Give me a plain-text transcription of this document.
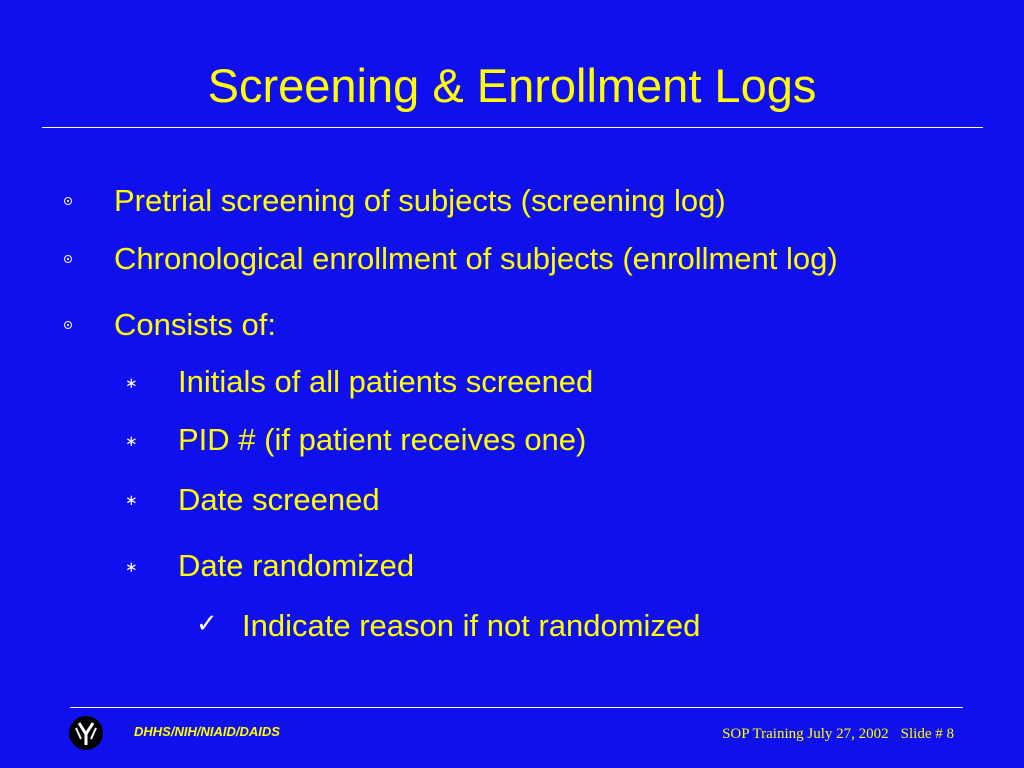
Screening & Enrollment Logs
Pretrial screening of subjects (screening log)
Chronological enrollment of subjects (enrollment log)
Consists of:
∗ Initials of all patients screened
∗ PID # (if patient receives one)
∗ Date screened
∗ Date randomized
✓ Indicate reason if not randomized
DHHS/NIH/NIAID/DAIDS	SOP Training July 27, 2002 Slide # 8
